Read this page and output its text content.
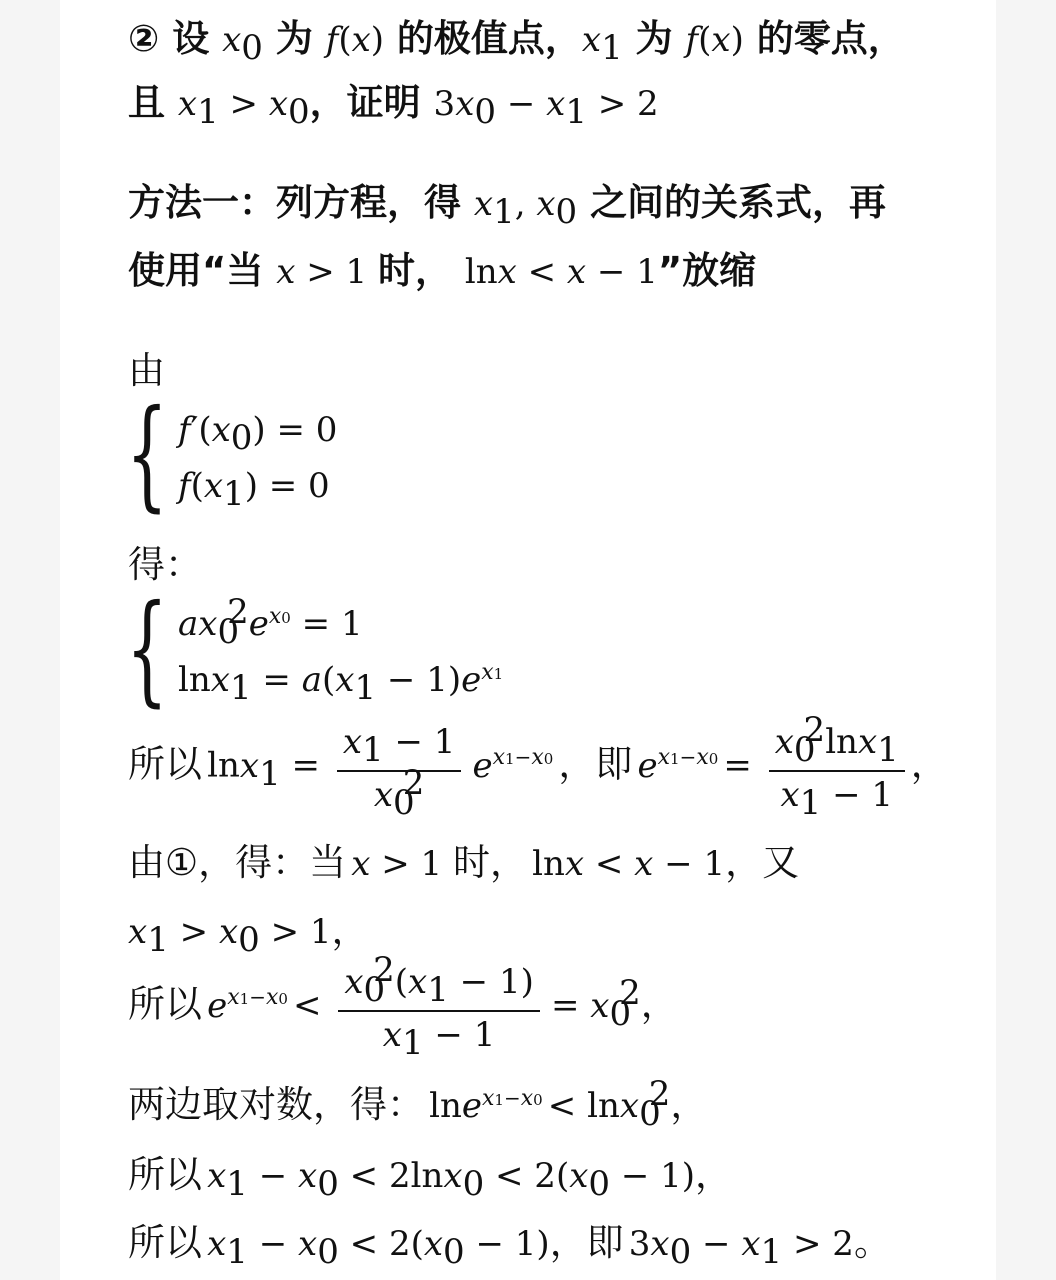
② 设 $x_0$ 为 f(x) 的极值点，$x_1$ 为 f(x) 的零点，
且 $x_1 > x_0$，证明 $3x_0 - x_1 > 2$
方法一：列方程，得 $x_1$, $x_0$ 之间的关系式，再
使用“当 x > 1 时， lnx < x − 1”放缩
由
{ $f'(x_0) = 0$
$f(x_1) = 0$
得：
{ $ax_0^2e^{x0} = 1$
$\ln x_1 = a(x_1 - 1)e^{x1}$
所以 $\ln x_1 = \frac{x_1 - 1}{x_0^2} e^{x1-x0}$ ，即 $e^{x1-x0} = \frac{x_0^2\ln x_1}{x_1 - 1}$ ，
由①，得：当 x > 1 时， lnx < x − 1，又
$x_1 > x_0 > 1$，
所以 $e^{x1-x0} < \frac{x_0^2(x_1 - 1)}{x_1 - 1} = x_0^2$，
两边取对数，得： lne$^{x1-x0}$ < lnx$_0^2$，
所以 $x_1 - x_0 < 2\ln x_0 < 2(x_0 - 1)$，
所以 $x_1 - x_0 < 2(x_0 - 1)$，即 $3x_0 - x_1 > 2$。
